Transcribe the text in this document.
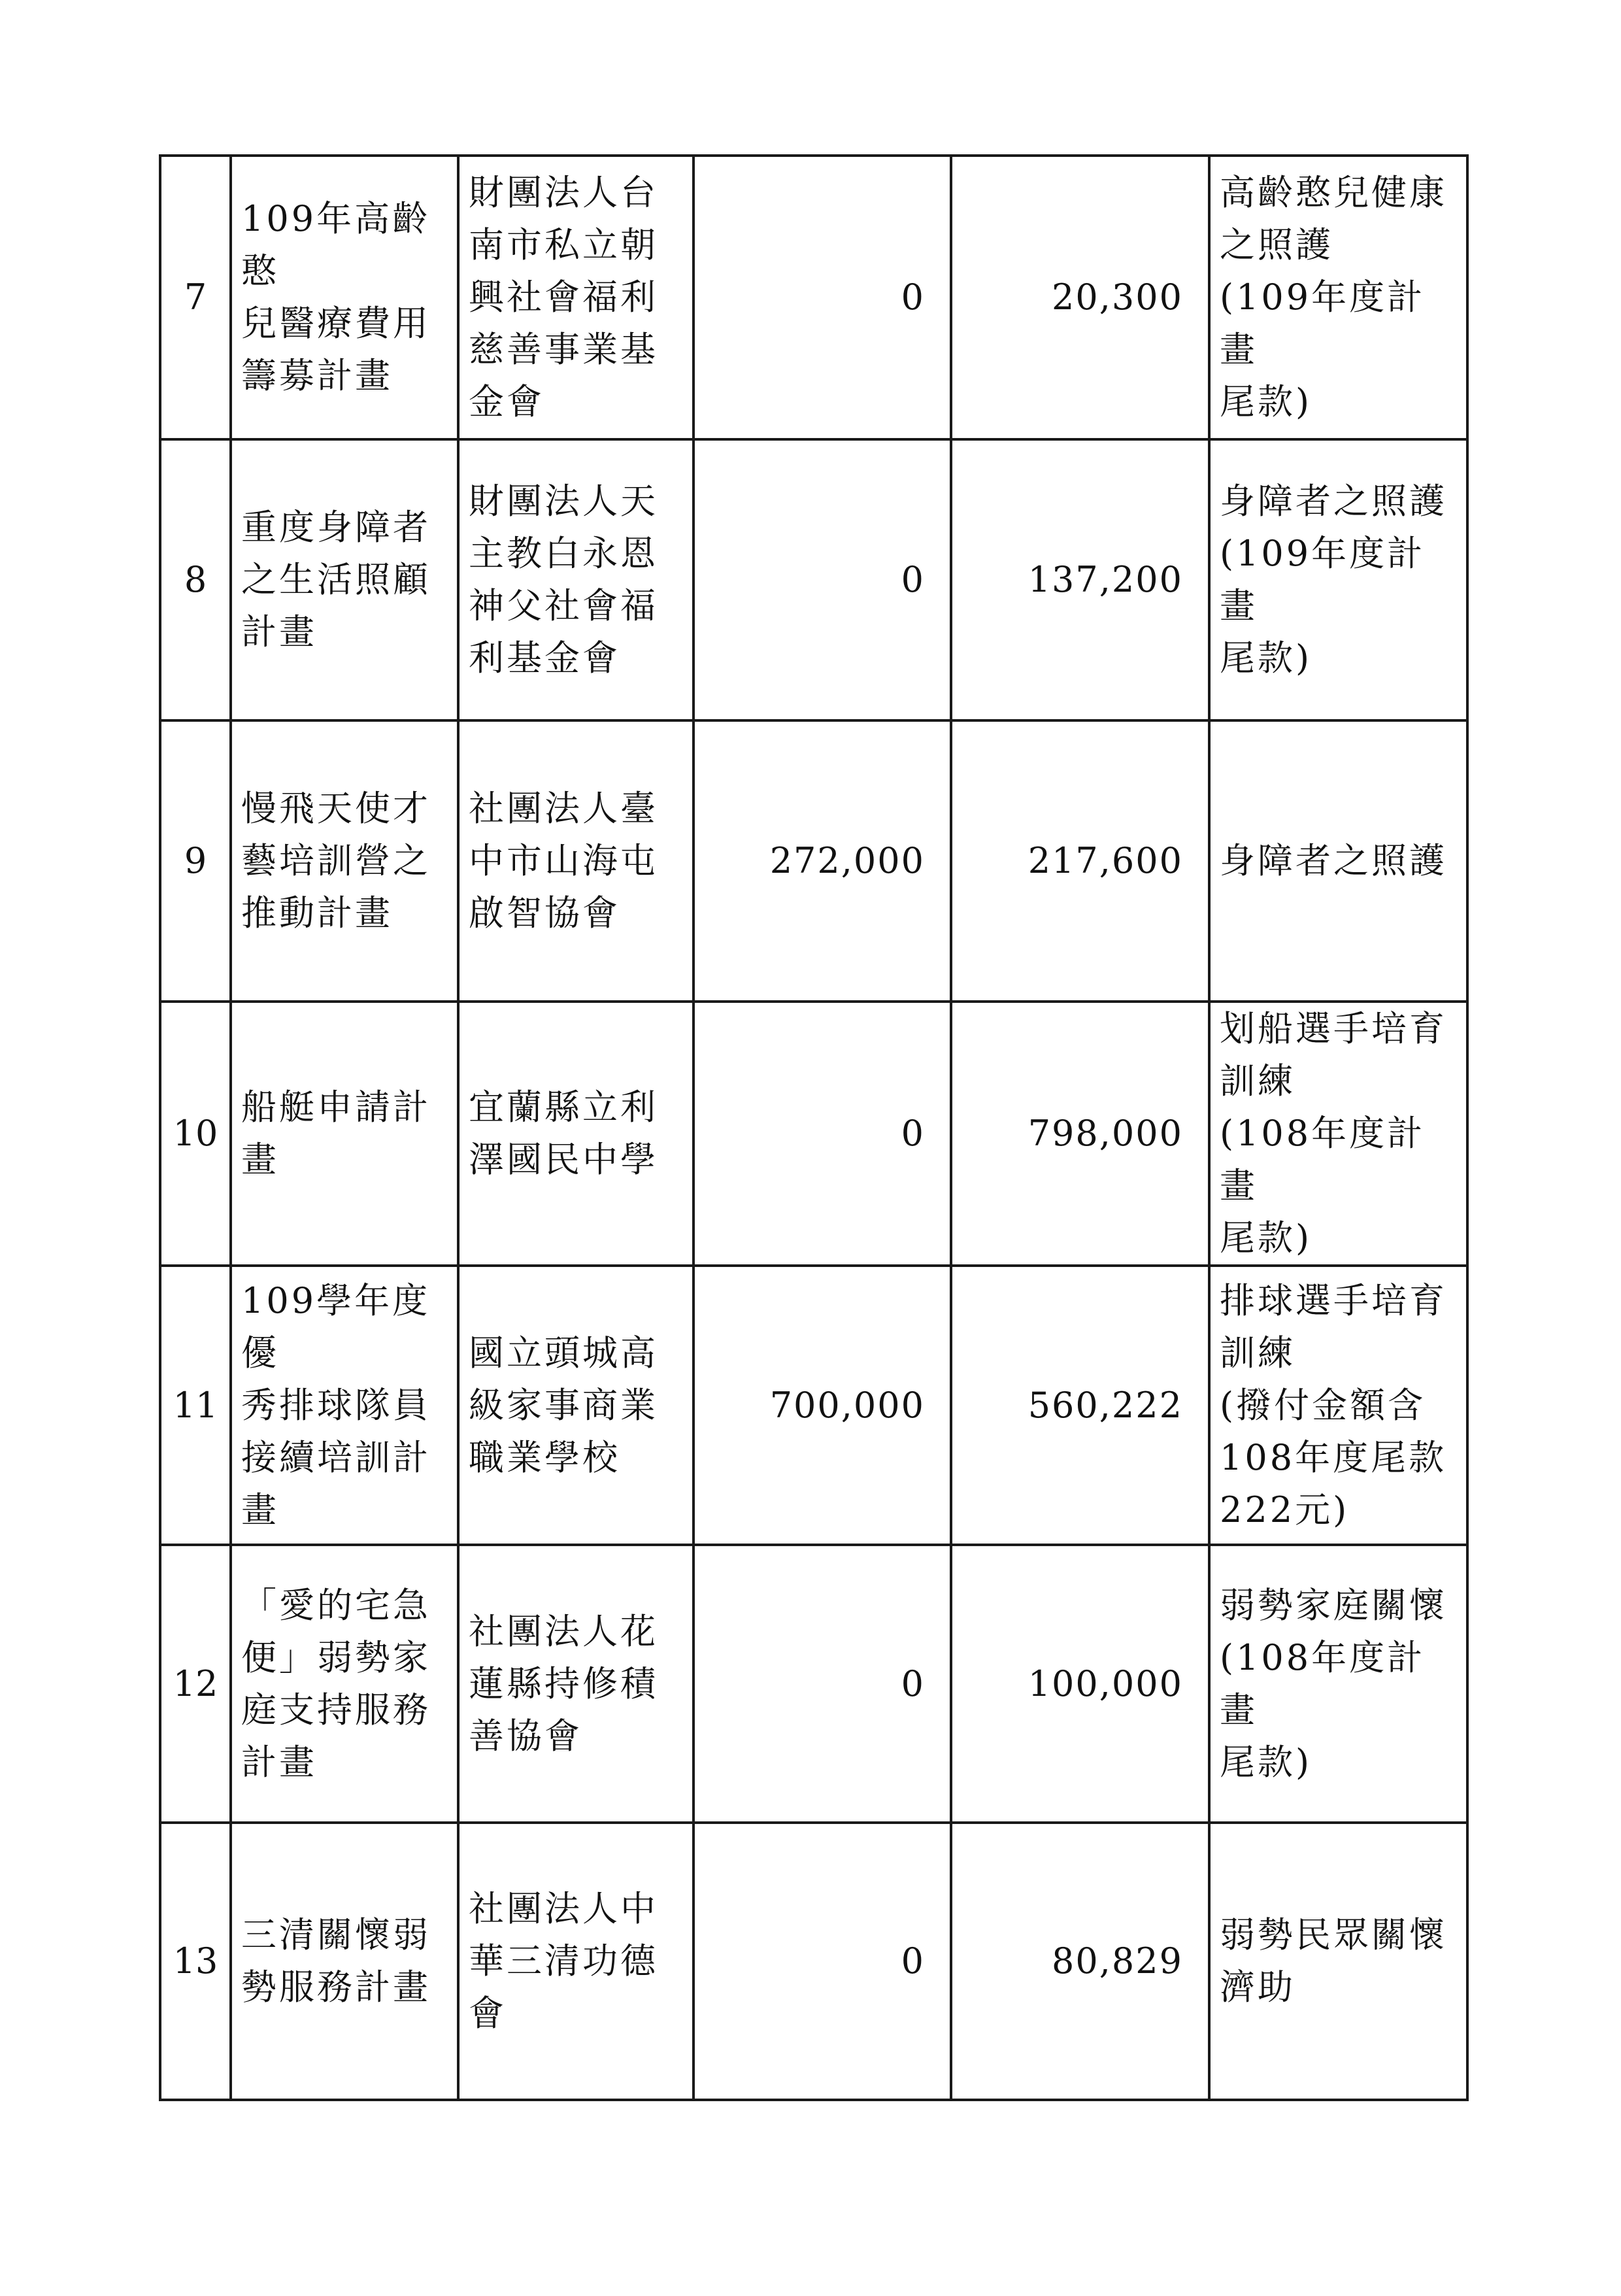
7	109年高齡憨
兒醫療費用
籌募計畫	財團法人台
南市私立朝
興社會福利
慈善事業基
金會	0	20,300	高齡憨兒健康
之照護
(109年度計畫
尾款)
8	重度身障者
之生活照顧
計畫	財團法人天
主教白永恩
神父社會福
利基金會	0	137,200	身障者之照護
(109年度計畫
尾款)
9	慢飛天使才
藝培訓營之
推動計畫	社團法人臺
中市山海屯
啟智協會	272,000	217,600	身障者之照護
10	船艇申請計
畫	宜蘭縣立利
澤國民中學	0	798,000	划船選手培育
訓練
(108年度計畫
尾款)
11	109學年度優
秀排球隊員
接續培訓計
畫	國立頭城高
級家事商業
職業學校	700,000	560,222	排球選手培育
訓練
(撥付金額含
108年度尾款
222元)
12	「愛的宅急
便」弱勢家
庭支持服務
計畫	社團法人花
蓮縣持修積
善協會	0	100,000	弱勢家庭關懷
(108年度計畫
尾款)
13	三清關懷弱
勢服務計畫	社團法人中
華三清功德
會	0	80,829	弱勢民眾關懷
濟助
